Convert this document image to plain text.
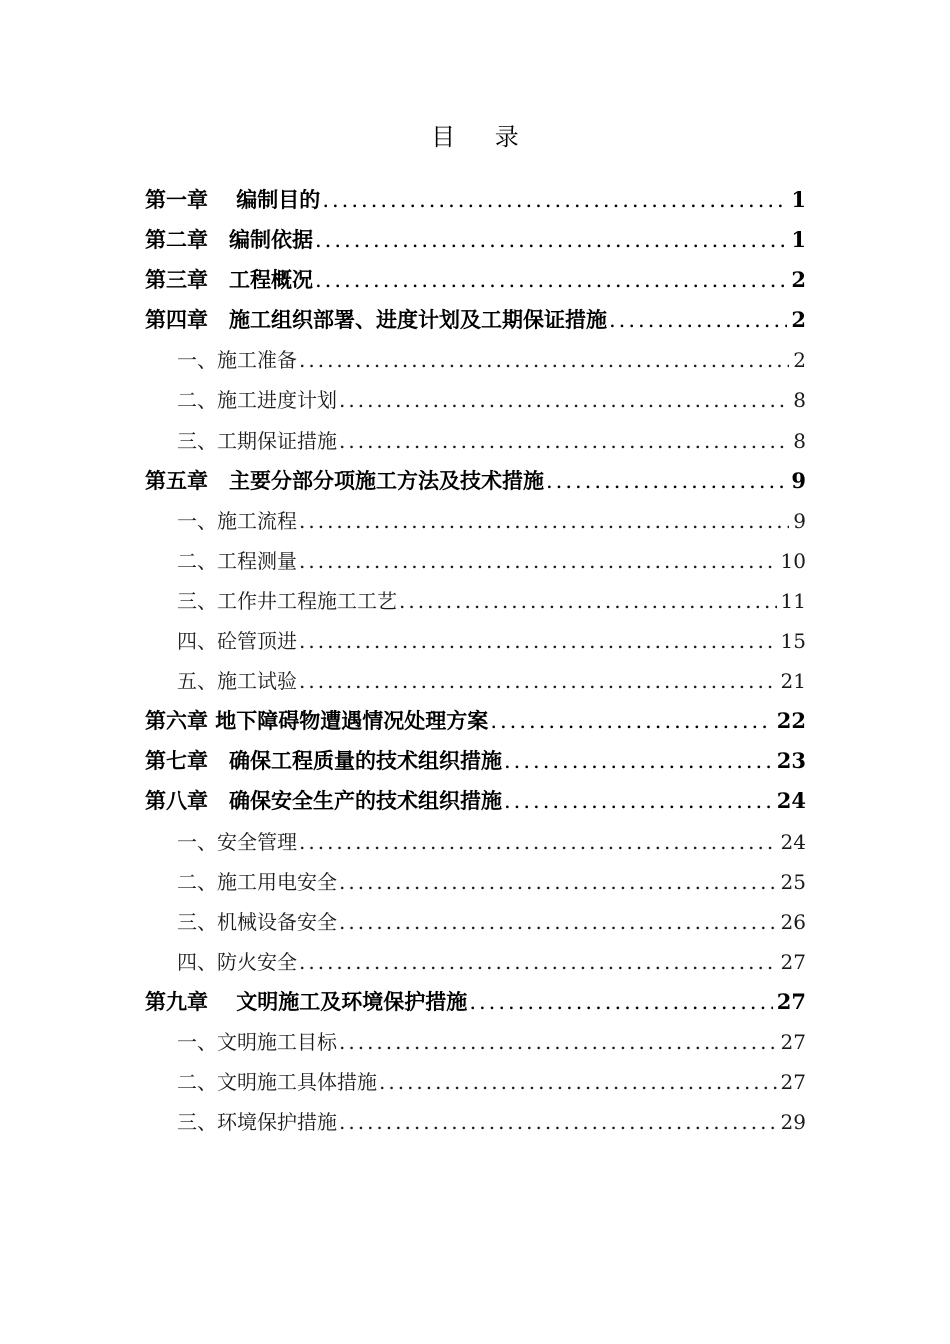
目 录
第一章　 编制目的 .....	1
第二章　编制依据 .....	1
第三章　工程概况 .....	2
第四章　施工组织部署、进度计划及工期保证措施 .....	2
一、施工准备 .....	2
二、施工进度计划 .....	8
三、工期保证措施 .....	8
第五章　主要分部分项施工方法及技术措施 .....	9
一、施工流程 .....	9
二、工程测量 .....	10
三、工作井工程施工工艺 .....	11
四、砼管顶进 .....	15
五、施工试验 .....	21
第六章 地下障碍物遭遇情况处理方案 .....	22
第七章　确保工程质量的技术组织措施 .....	23
第八章　确保安全生产的技术组织措施 .....	24
一、安全管理 .....	24
二、施工用电安全 .....	25
三、机械设备安全 .....	26
四、防火安全 .....	27
第九章　 文明施工及环境保护措施 .....	27
一、文明施工目标 .....	27
二、文明施工具体措施 .....	27
三、环境保护措施 .....	29
